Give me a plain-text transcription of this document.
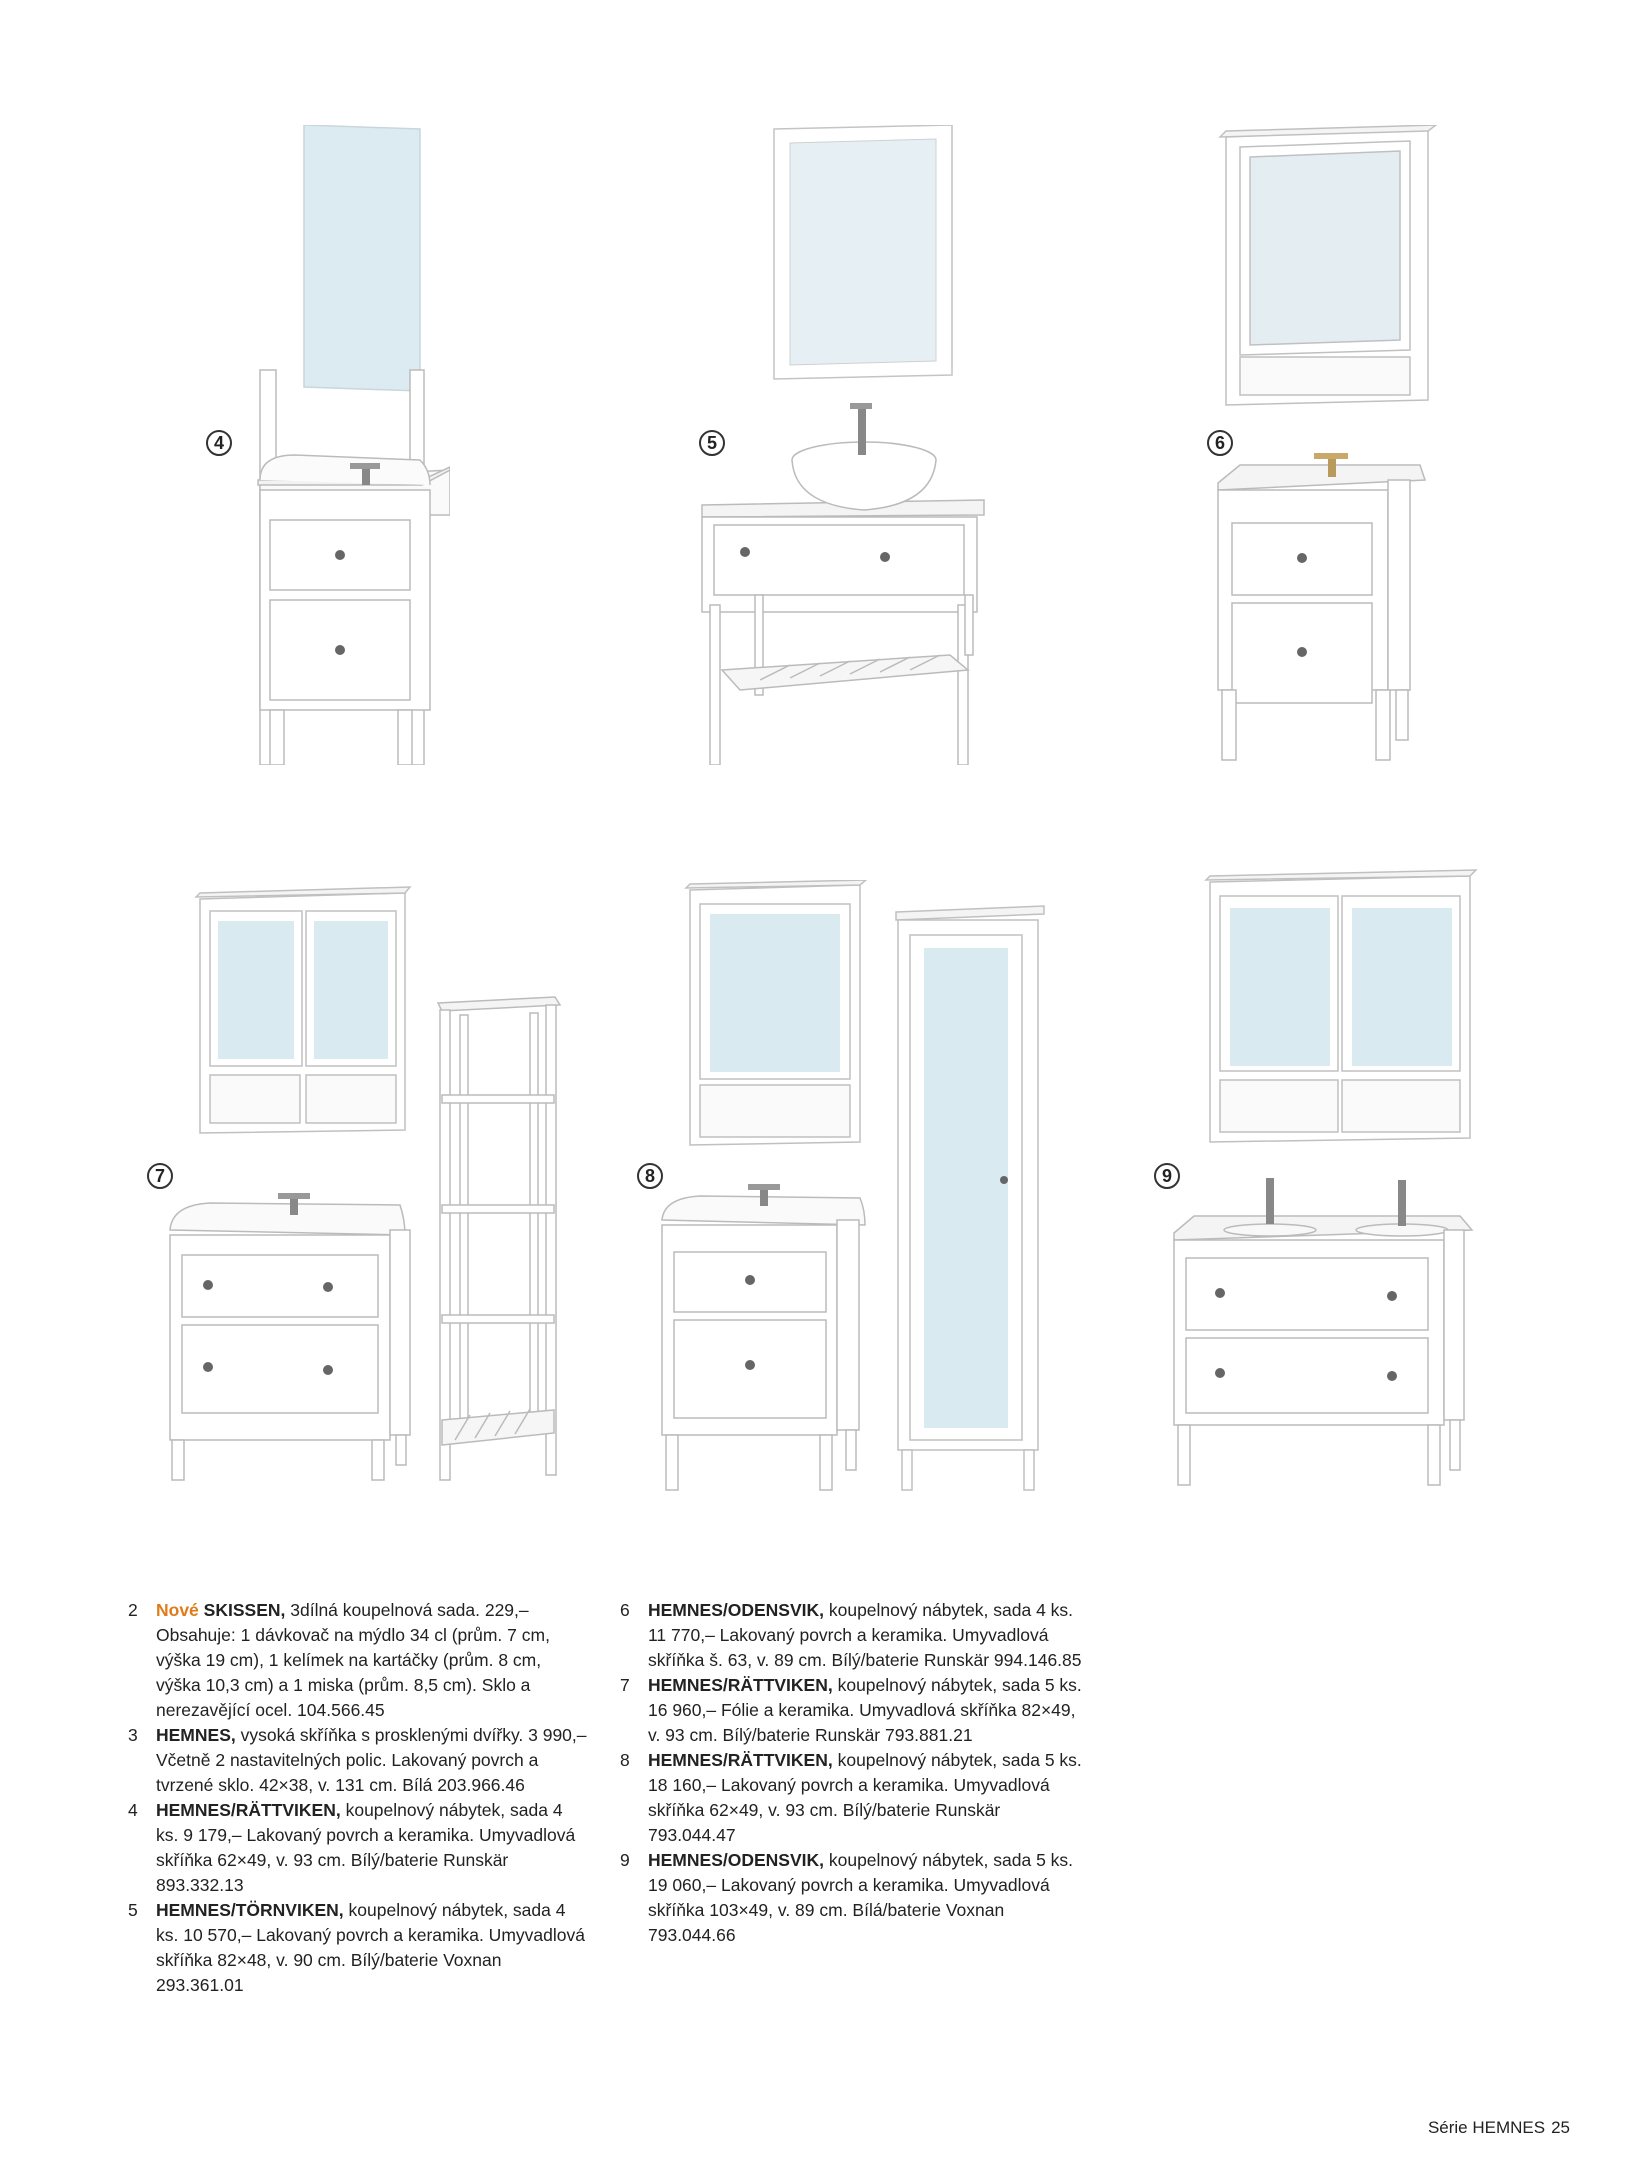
4	5	6
7	8	9
2	Nové SKISSEN, 3dílná koupelnová sada. 229,– Obsahuje: 1 dávkovač na mýdlo 34 cl (prům. 7 cm, výška 19 cm), 1 kelímek na kartáčky (prům. 8 cm, výška 10,3 cm) a 1 miska (prům. 8,5 cm). Sklo a nerezavějící ocel. 104.566.45
3	HEMNES, vysoká skříňka s prosklenými dvířky. 3 990,– Včetně 2 nastavitelných polic. Lakovaný povrch a tvrzené sklo. 42×38, v. 131 cm. Bílá 203.966.46
4	HEMNES/RÄTTVIKEN, koupelnový nábytek, sada 4 ks. 9 179,– Lakovaný povrch a keramika. Umyvadlová skříňka 62×49, v. 93 cm. Bílý/baterie Runskär 893.332.13
5	HEMNES/TÖRNVIKEN, koupelnový nábytek, sada 4 ks. 10 570,– Lakovaný povrch a keramika. Umyvadlová skříňka 82×48, v. 90 cm. Bílý/baterie Voxnan 293.361.01
6	HEMNES/ODENSVIK, koupelnový nábytek, sada 4 ks. 11 770,– Lakovaný povrch a keramika. Umyvadlová skříňka š. 63, v. 89 cm. Bílý/baterie Runskär 994.146.85
7	HEMNES/RÄTTVIKEN, koupelnový nábytek, sada 5 ks. 16 960,– Fólie a keramika. Umyvadlová skříňka 82×49, v. 93 cm. Bílý/baterie Runskär 793.881.21
8	HEMNES/RÄTTVIKEN, koupelnový nábytek, sada 5 ks. 18 160,– Lakovaný povrch a keramika. Umyvadlová skříňka 62×49, v. 93 cm. Bílý/baterie Runskär 793.044.47
9	HEMNES/ODENSVIK, koupelnový nábytek, sada 5 ks. 19 060,– Lakovaný povrch a keramika. Umyvadlová skříňka 103×49, v. 89 cm. Bílá/baterie Voxnan 793.044.66
Série HEMNES 25
